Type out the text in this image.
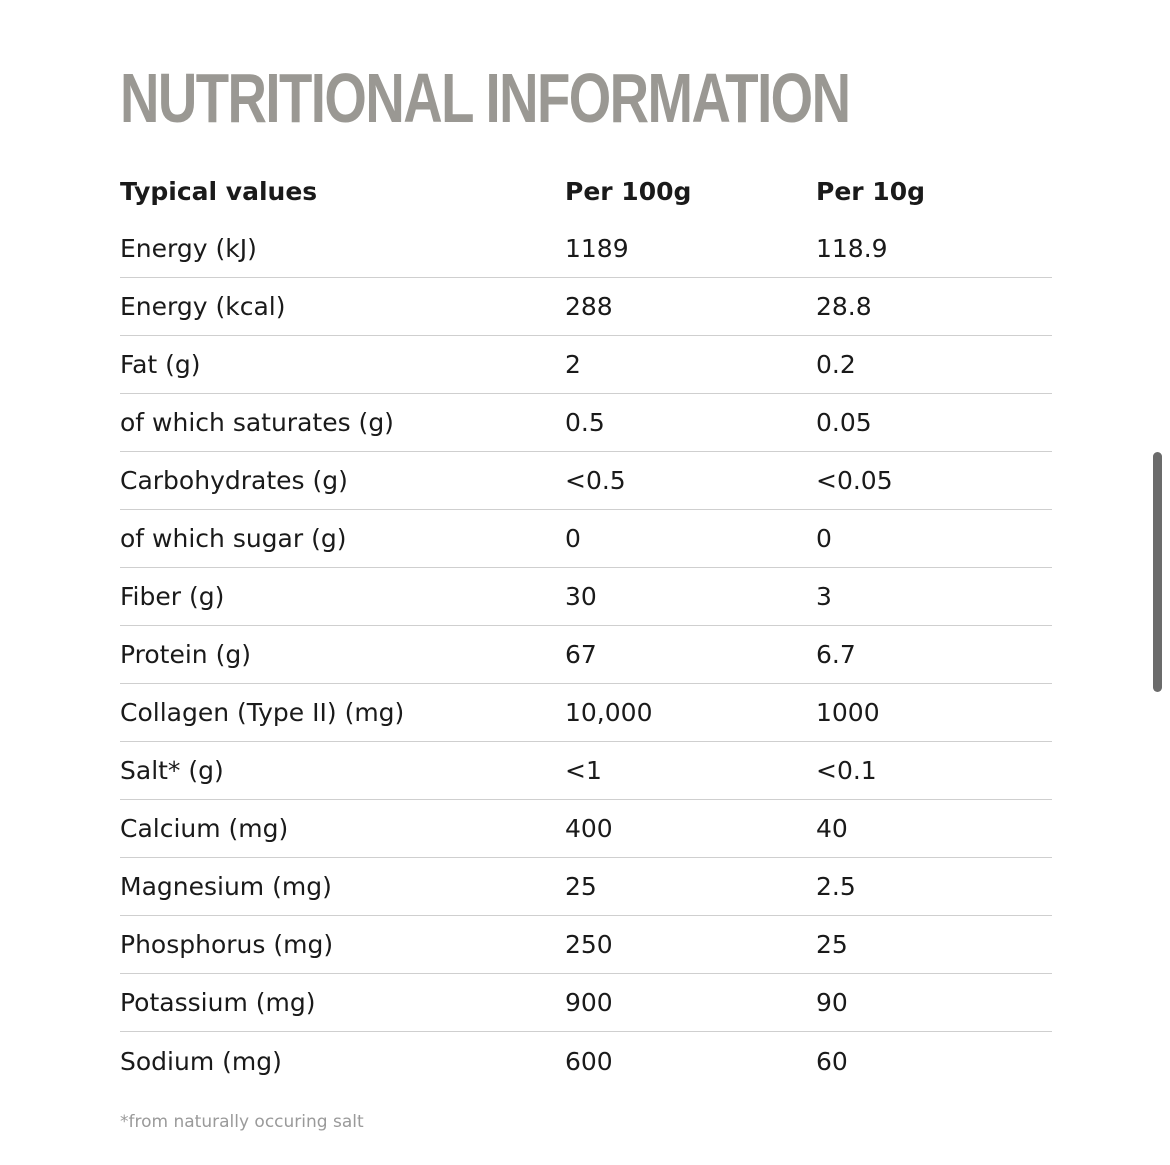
NUTRITIONAL INFORMATION
Typical values	Per 100g	Per 10g
Energy (kJ)	1189	118.9
Energy (kcal)	288	28.8
Fat (g)	2	0.2
of which saturates (g)	0.5	0.05
Carbohydrates (g)	<0.5	<0.05
of which sugar (g)	0	0
Fiber (g)	30	3
Protein (g)	67	6.7
Collagen (Type II) (mg)	10,000	1000
Salt* (g)	<1	<0.1
Calcium (mg)	400	40
Magnesium (mg)	25	2.5
Phosphorus (mg)	250	25
Potassium (mg)	900	90
Sodium (mg)	600	60
*from naturally occuring salt
